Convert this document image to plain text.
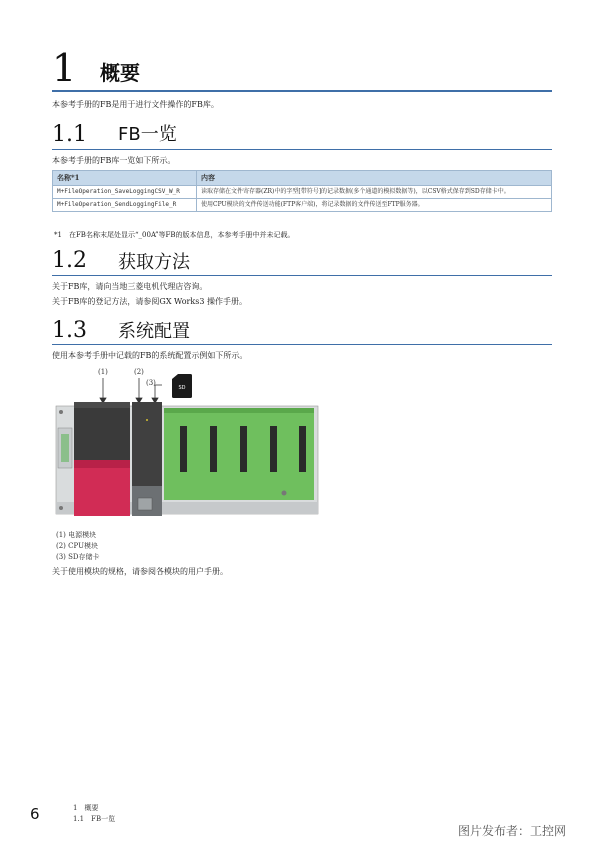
1 概要
本参考手册的FB是用于进行文件操作的FB库。
1.1 FB一览
本参考手册的FB库一览如下所示。
名称*1	内容
M+FileOperation_SaveLoggingCSV_W_R	读取存储在文件寄存器(ZR)中的字型[带符号]的记录数据(多个通道的模拟数据等)，以CSV格式保存到SD存储卡中。
M+FileOperation_SendLoggingFile_R	使用CPU模块的文件传送功能(FTP客户端)，将记录数据的文件传送至FTP服务器。
*1　在FB名称末尾处显示“_00A”等FB的版本信息，本参考手册中并未记载。
1.2 获取方法
关于FB库，请向当地三菱电机代理店咨询。
关于FB库的登记方法，请参阅GX Works3 操作手册。
1.3 系统配置
使用本参考手册中记载的FB的系统配置示例如下所示。
(1)	(2)
(3)
SD
(1) 电源模块
(2) CPU模块
(3) SD存储卡
关于使用模块的规格，请参阅各模块的用户手册。
6	1　概要
1.1　FB一览
图片发布者：工控网
